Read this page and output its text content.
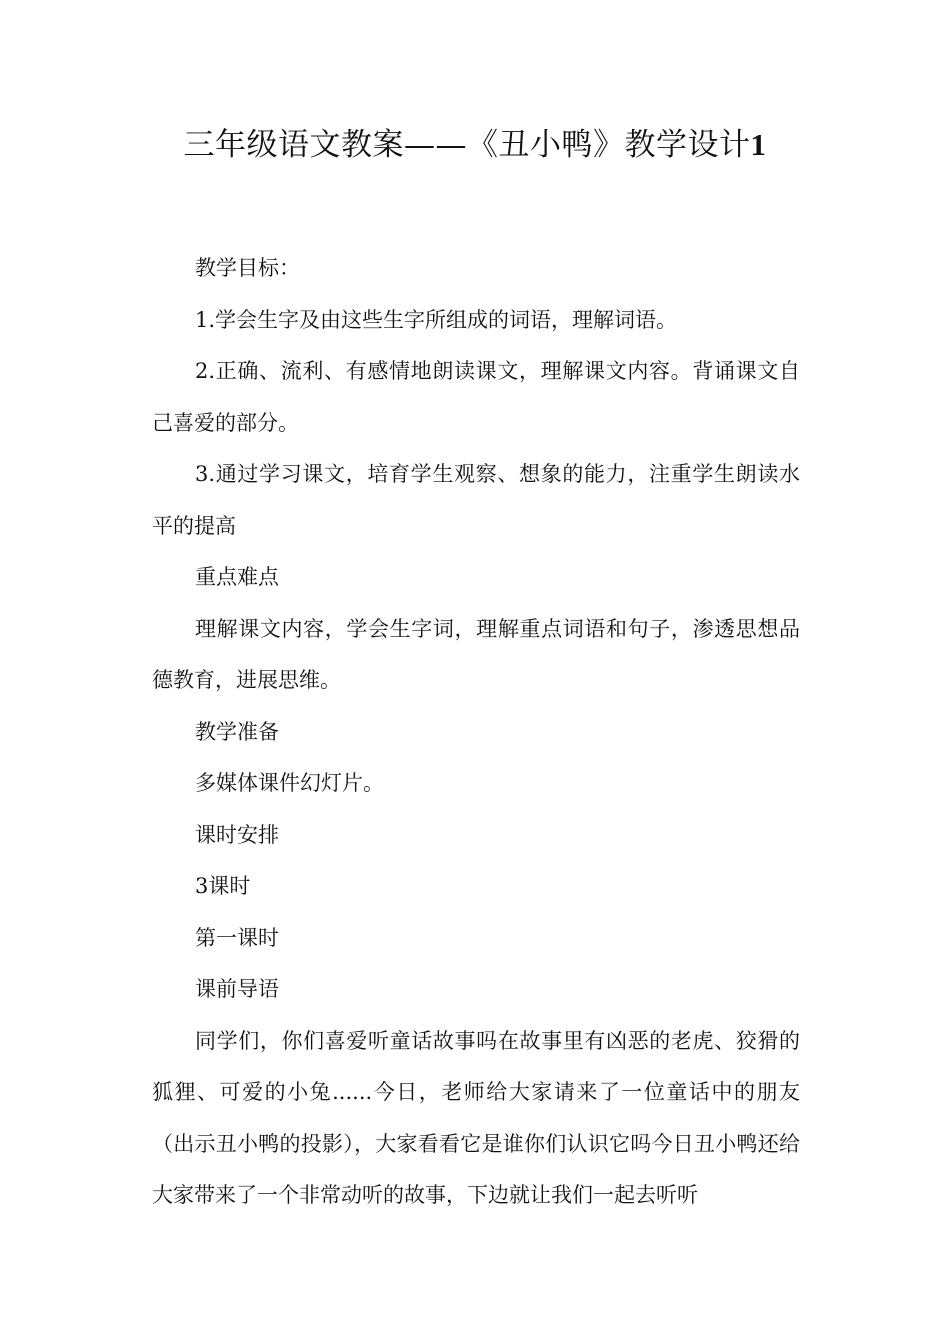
三年级语文教案——《丑小鸭》教学设计1

教学目标：

1.学会生字及由这些生字所组成的词语，理解词语。

2.正确、流利、有感情地朗读课文，理解课文内容。背诵课文自己喜爱的部分。

3.通过学习课文，培育学生观察、想象的能力，注重学生朗读水平的提高

重点难点

理解课文内容，学会生字词，理解重点词语和句子，渗透思想品德教育，进展思维。

教学准备

多媒体课件幻灯片。

课时安排

3课时

第一课时

课前导语

同学们，你们喜爱听童话故事吗在故事里有凶恶的老虎、狡猾的狐狸、可爱的小兔......今日，老师给大家请来了一位童话中的朋友（出示丑小鸭的投影），大家看看它是谁你们认识它吗今日丑小鸭还给大家带来了一个非常动听的故事，下边就让我们一起去听听
